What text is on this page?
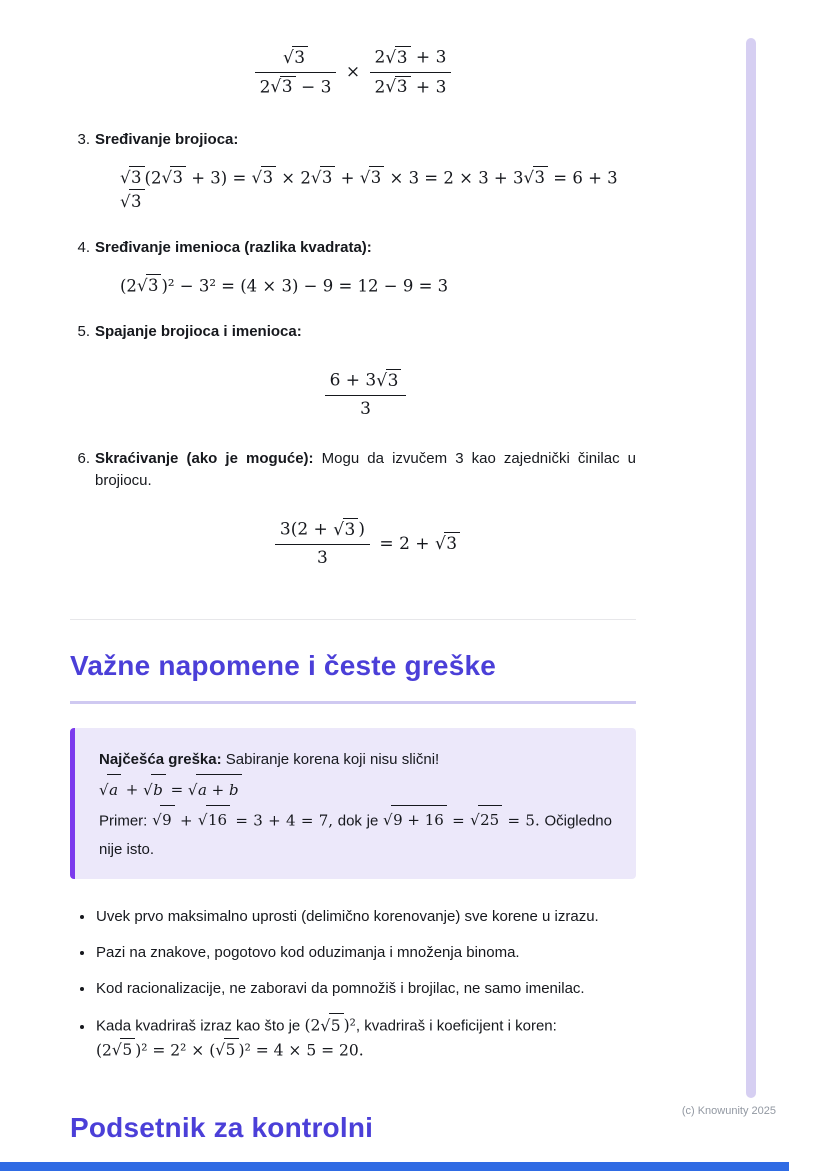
√ $\frac{3}{2 √ 3 - 3} \times \frac{2 √ 3 + 3}{2 √ 3 + 3}$
3. Sređivanje brojioca:

√ 3 (2 √ 3 + 3) = √ 3 × 2 √ 3 + √ 3 × 3 = 2 × 3 + 3 √ 3 = 6 + 3√ 3
4. Sređivanje imenioca (razlika kvadrata):

(2 √ 3 )² − 3² = (4 × 3) − 9 = 12 − 9 = 3
5. Spajanje brojioca i imenioca:

$\frac{6 + 3 √ 3}{3}$
6. Skraćivanje (ako je moguće): Mogu da izvučem 3 kao zajednički činilac u brojiocu.

$\frac{3(2 + √ 3 )}{3} = 2$ + √ 3
Važne napomene i česte greške

Najčešća greška: Sabiranje korena koji nisu slični!

√ a + √ b = √ a + b

Primer: √ 9 + √ 16 = 3 + 4 = 7, dok je √ 9 + 16 = √ 25 = 5. Očigledno nije isto.

• Uvek prvo maksimalno uprosti (delimično korenovanje) sve korene u izrazu.
• Pazi na znakove, pogotovo kod oduzimanja i množenja binoma.
• Kod racionalizacije, ne zaboravi da pomnožiš i brojilac, ne samo imenilac.
• Kada kvadriraš izraz kao što je (2 √ 5 )², kvadriraš i koeficijent i koren:
(2 √ 5 )² = 2² × ( √ 5 )² = 4 × 5 = 20.
Podsetnik za kontrolni
(c) Knowunity 2025
